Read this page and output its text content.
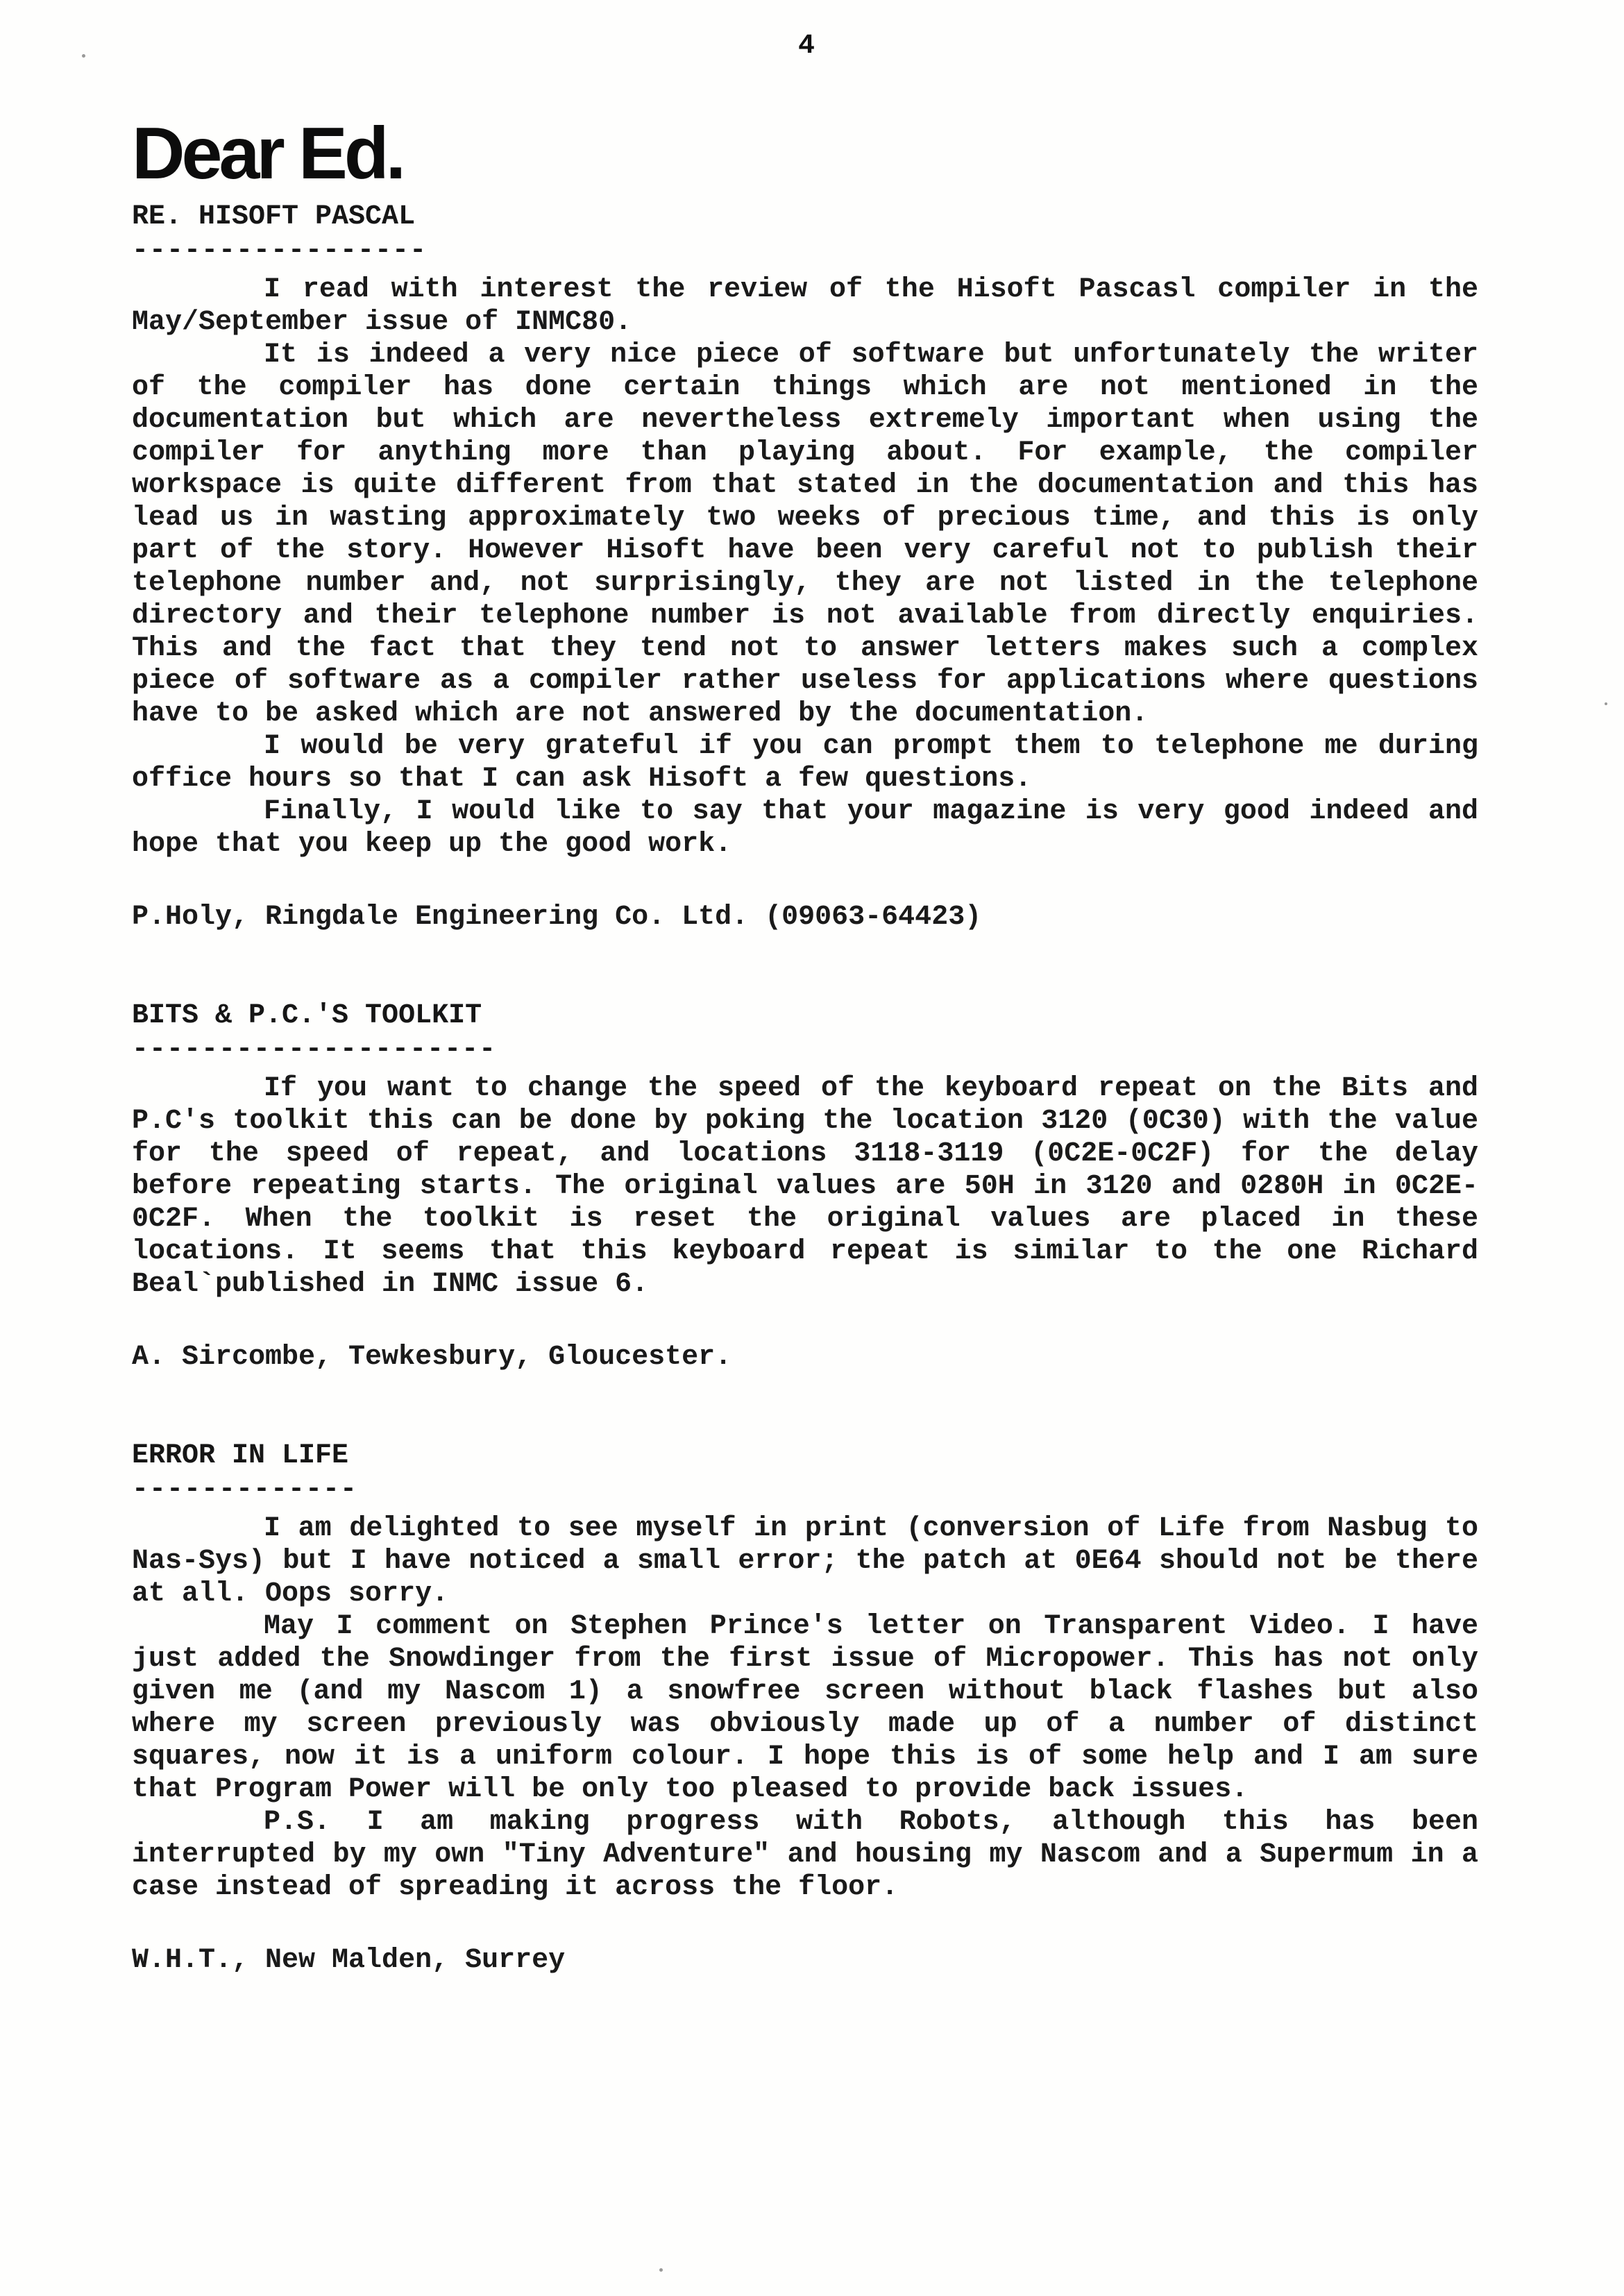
4
Dear Ed.
RE. HISOFT PASCAL
-----------------

I read with interest the review of the Hisoft Pascasl compiler in the May/September issue of INMC80.

It is indeed a very nice piece of software but unfortunately the writer of the compiler has done certain things which are not mentioned in the documentation but which are nevertheless extremely important when using the compiler for anything more than playing about. For example, the compiler workspace is quite different from that stated in the documentation and this has lead us in wasting approximately two weeks of precious time, and this is only part of the story. However Hisoft have been very careful not to publish their telephone number and, not surprisingly, they are not listed in the telephone directory and their telephone number is not available from directly enquiries. This and the fact that they tend not to answer letters makes such a complex piece of software as a compiler rather useless for applications where questions have to be asked which are not answered by the documentation.

I would be very grateful if you can prompt them to telephone me during office hours so that I can ask Hisoft a few questions.

Finally, I would like to say that your magazine is very good indeed and hope that you keep up the good work.

P.Holy, Ringdale Engineering Co. Ltd. (09063-64423)

BITS & P.C.'S TOOLKIT
---------------------

If you want to change the speed of the keyboard repeat on the Bits and P.C's toolkit this can be done by poking the location 3120 (0C30) with the value for the speed of repeat, and locations 3118-3119 (0C2E-0C2F) for the delay before repeating starts. The original values are 50H in 3120 and 0280H in 0C2E-0C2F. When the toolkit is reset the original values are placed in these locations. It seems that this keyboard repeat is similar to the one Richard Beal`published in INMC issue 6.

A. Sircombe, Tewkesbury, Gloucester.

ERROR IN LIFE
-------------

I am delighted to see myself in print (conversion of Life from Nasbug to Nas-Sys) but I have noticed a small error; the patch at 0E64 should not be there at all. Oops sorry.

May I comment on Stephen Prince's letter on Transparent Video. I have just added the Snowdinger from the first issue of Micropower. This has not only given me (and my Nascom 1) a snowfree screen without black flashes but also where my screen previously was obviously made up of a number of distinct squares, now it is a uniform colour. I hope this is of some help and I am sure that Program Power will be only too pleased to provide back issues.

P.S. I am making progress with Robots, although this has been interrupted by my own "Tiny Adventure" and housing my Nascom and a Supermum in a case instead of spreading it across the floor.

W.H.T., New Malden, Surrey
